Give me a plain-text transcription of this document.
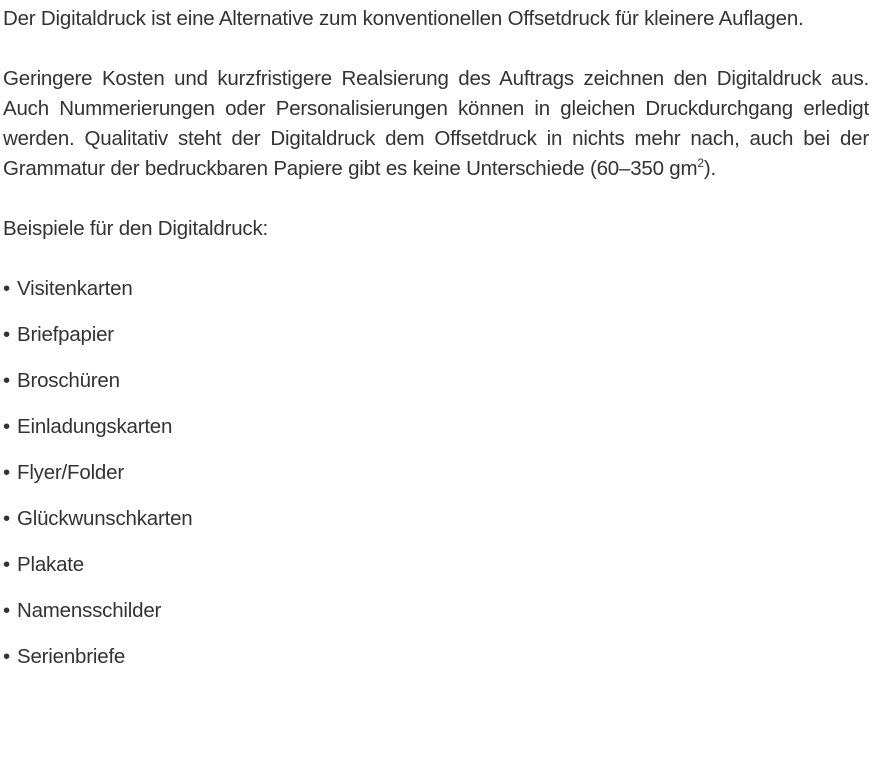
Der Digitaldruck ist eine Alternative zum konventionellen Offsetdruck für kleinere Auflagen.

Geringere Kosten und kurzfristigere Realsierung des Auftrags zeichnen den Digitaldruck aus. Auch Nummerierungen oder Personalisierungen können in gleichen Druckdurchgang erledigt werden. Qualitativ steht der Digitaldruck dem Offsetdruck in nichts mehr nach, auch bei der Grammatur der bedruckbaren Papiere gibt es keine Unterschiede (60–350 $gm^2$).

Beispiele für den Digitaldruck:

• Visitenkarten
• Briefpapier
• Broschüren
• Einladungskarten
• Flyer/Folder
• Glückwunschkarten
• Plakate
• Namensschilder
• Serienbriefe
